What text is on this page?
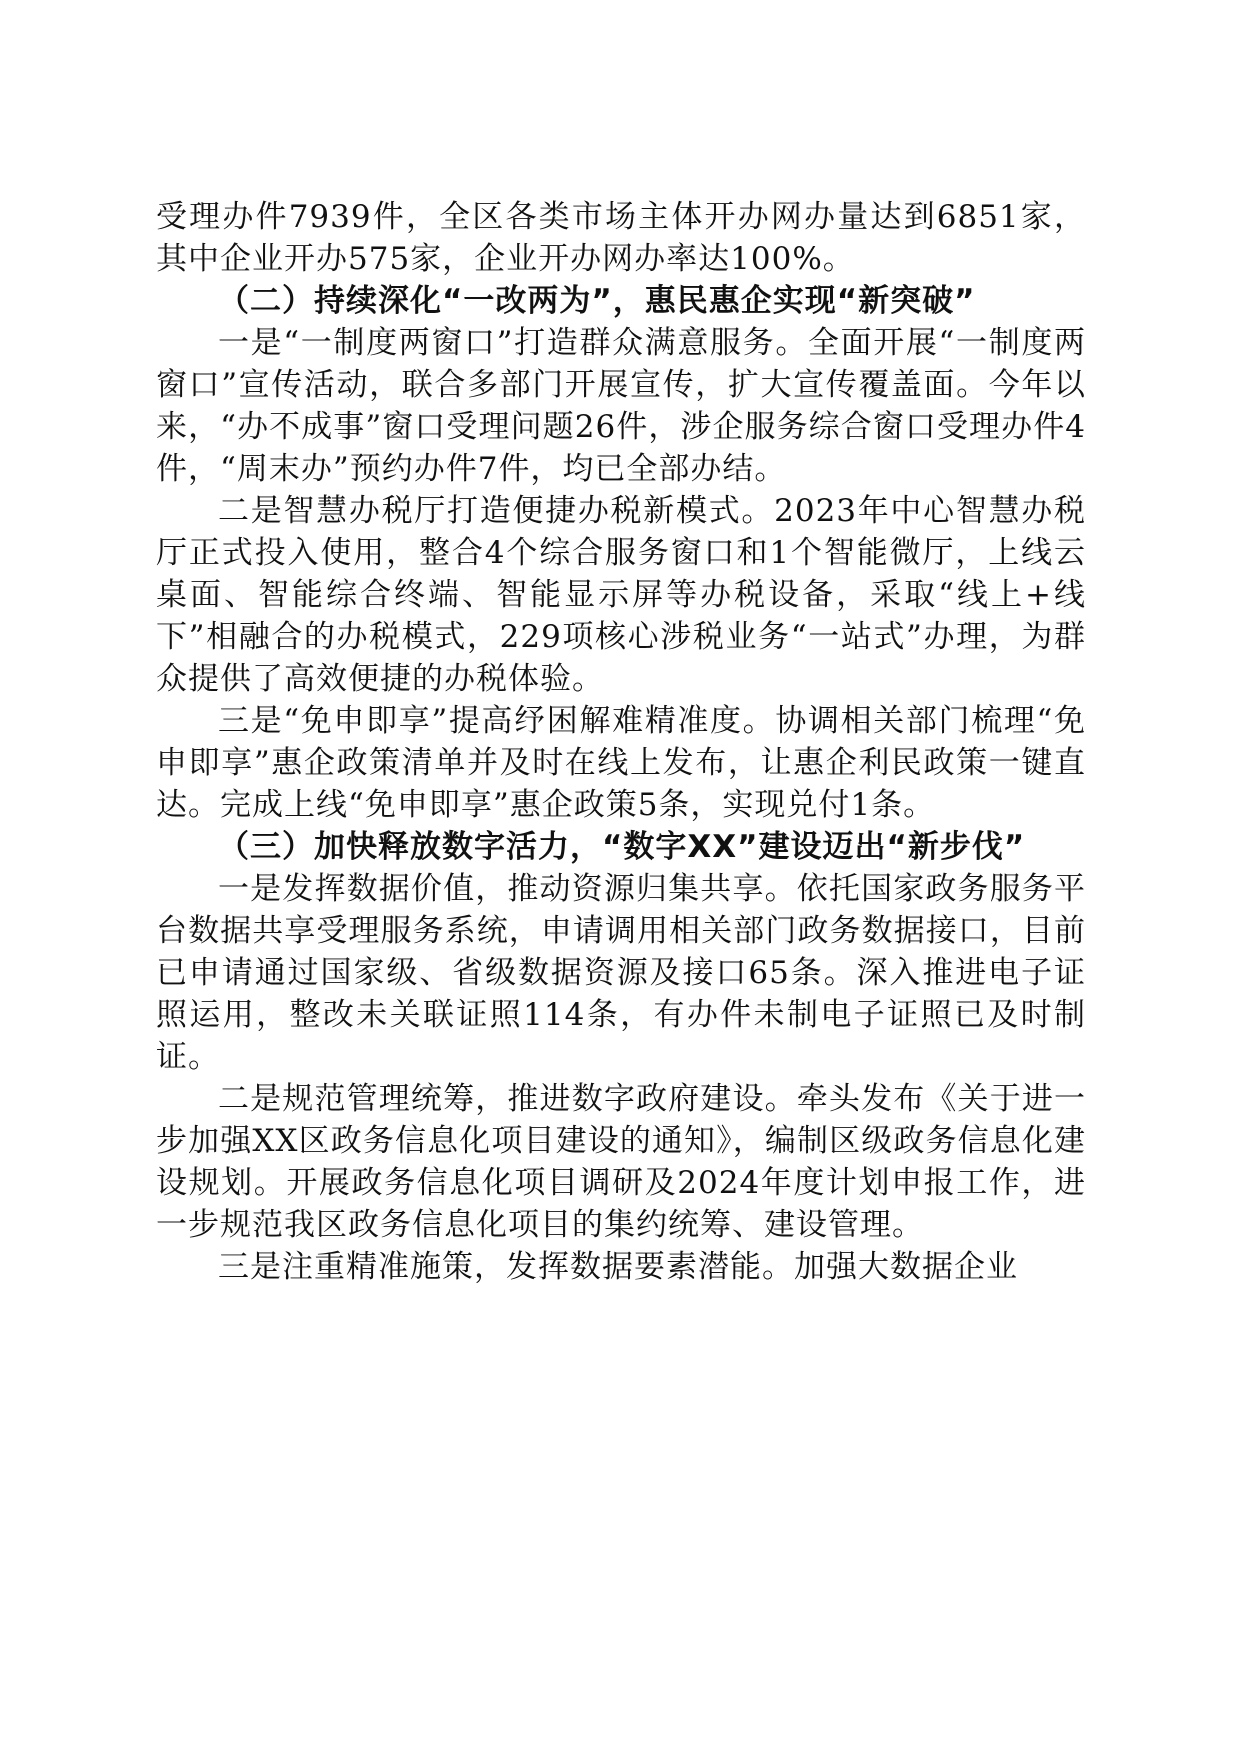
受理办件7939件，全区各类市场主体开办网办量达到6851家，其中企业开办575家，企业开办网办率达100%。

（二）持续深化“一改两为”，惠民惠企实现“新突破”

一是“一制度两窗口”打造群众满意服务。全面开展“一制度两窗口”宣传活动，联合多部门开展宣传，扩大宣传覆盖面。今年以来，“办不成事”窗口受理问题26件，涉企服务综合窗口受理办件4件，“周末办”预约办件7件，均已全部办结。

二是智慧办税厅打造便捷办税新模式。2023年中心智慧办税厅正式投入使用，整合4个综合服务窗口和1个智能微厅，上线云桌面、智能综合终端、智能显示屏等办税设备，采取“线上+线下”相融合的办税模式，229项核心涉税业务“一站式”办理，为群众提供了高效便捷的办税体验。

三是“免申即享”提高纾困解难精准度。协调相关部门梳理“免申即享”惠企政策清单并及时在线上发布，让惠企利民政策一键直达。完成上线“免申即享”惠企政策5条，实现兑付1条。

（三）加快释放数字活力，“数字XX”建设迈出“新步伐”

一是发挥数据价值，推动资源归集共享。依托国家政务服务平台数据共享受理服务系统，申请调用相关部门政务数据接口，目前已申请通过国家级、省级数据资源及接口65条。深入推进电子证照运用，整改未关联证照114条，有办件未制电子证照已及时制证。

二是规范管理统筹，推进数字政府建设。牵头发布《关于进一步加强XX区政务信息化项目建设的通知》，编制区级政务信息化建设规划。开展政务信息化项目调研及2024年度计划申报工作，进一步规范我区政务信息化项目的集约统筹、建设管理。

三是注重精准施策，发挥数据要素潜能。加强大数据企业
